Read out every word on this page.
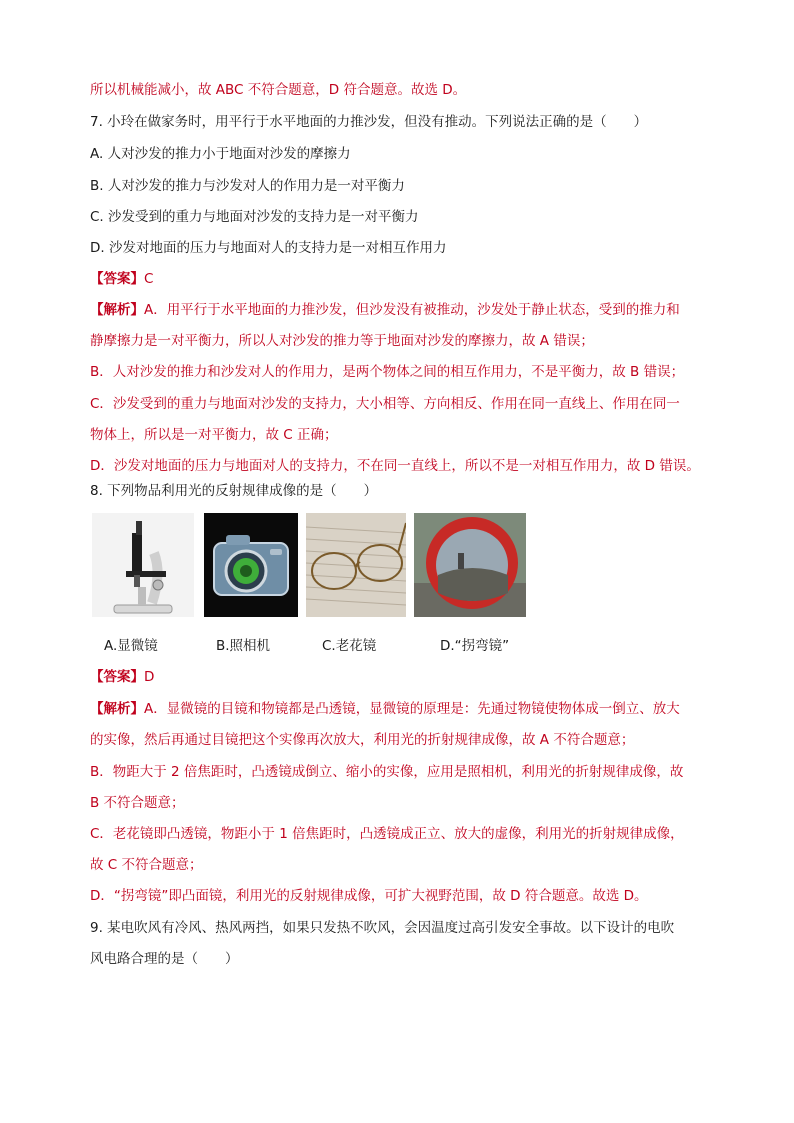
所以机械能减小，故 ABC 不符合题意，D 符合题意。故选 D。
7. 小玲在做家务时，用平行于水平地面的力推沙发，但没有推动。下列说法正确的是（　　）
A. 人对沙发的推力小于地面对沙发的摩擦力
B. 人对沙发的推力与沙发对人的作用力是一对平衡力
C. 沙发受到的重力与地面对沙发的支持力是一对平衡力
D. 沙发对地面的压力与地面对人的支持力是一对相互作用力
【答案】C
【解析】A．用平行于水平地面的力推沙发，但沙发没有被推动，沙发处于静止状态，受到的推力和
静摩擦力是一对平衡力，所以人对沙发的推力等于地面对沙发的摩擦力，故 A 错误；
B．人对沙发的推力和沙发对人的作用力，是两个物体之间的相互作用力，不是平衡力，故 B 错误；
C．沙发受到的重力与地面对沙发的支持力，大小相等、方向相反、作用在同一直线上、作用在同一
物体上，所以是一对平衡力，故 C 正确；
D．沙发对地面的压力与地面对人的支持力，不在同一直线上，所以不是一对相互作用力，故 D 错误。
8. 下列物品利用光的反射规律成像的是（　　）
A.显微镜	B.照相机	C.老花镜	D.“拐弯镜”
【答案】D
【解析】A．显微镜的目镜和物镜都是凸透镜，显微镜的原理是：先通过物镜使物体成一倒立、放大
的实像，然后再通过目镜把这个实像再次放大，利用光的折射规律成像，故 A 不符合题意；
B．物距大于 2 倍焦距时，凸透镜成倒立、缩小的实像，应用是照相机，利用光的折射规律成像，故
B 不符合题意；
C．老花镜即凸透镜，物距小于 1 倍焦距时，凸透镜成正立、放大的虚像，利用光的折射规律成像，
故 C 不符合题意；
D．“拐弯镜”即凸面镜，利用光的反射规律成像，可扩大视野范围，故 D 符合题意。故选 D。
9. 某电吹风有冷风、热风两挡，如果只发热不吹风，会因温度过高引发安全事故。以下设计的电吹
风电路合理的是（　　）
